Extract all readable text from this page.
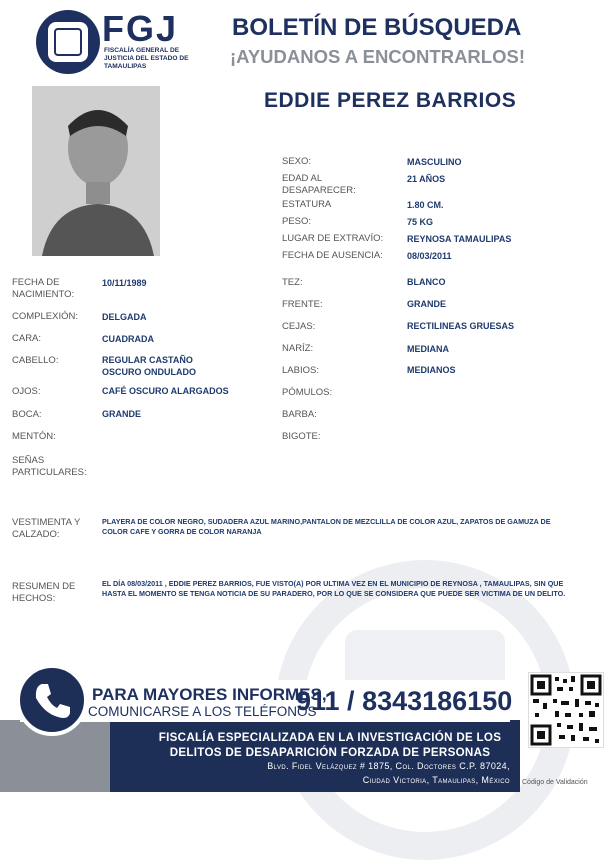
FGJ
FISCALÍA GENERAL DE JUSTICIA DEL ESTADO DE TAMAULIPAS
BOLETÍN DE BÚSQUEDA
¡AYUDANOS A ENCONTRARLOS!
EDDIE PEREZ BARRIOS
SEXO:	MASCULINO
EDAD AL DESAPARECER:
21 AÑOS
ESTATURA	1.80 CM.
PESO:	75 KG
LUGAR DE EXTRAVÍO:	REYNOSA TAMAULIPAS
FECHA DE AUSENCIA:	08/03/2011
FECHA DE NACIMIENTO:
10/11/1989
COMPLEXIÓN:	DELGADA
CARA:	CUADRADA
CABELLO:	REGULAR CASTAÑO OSCURO ONDULADO
OJOS:	CAFÉ OSCURO ALARGADOS
BOCA:	GRANDE
MENTÓN:
SEÑAS PARTICULARES:
TEZ:	BLANCO
FRENTE:	GRANDE
CEJAS:	RECTILINEAS GRUESAS
NARÍZ:	MEDIANA
LABIOS:	MEDIANOS
PÓMULOS:
BARBA:
BIGOTE:
VESTIMENTA Y CALZADO:
PLAYERA DE COLOR NEGRO, SUDADERA AZUL MARINO,PANTALON DE MEZCLILLA DE COLOR AZUL, ZAPATOS DE GAMUZA DE COLOR CAFE Y GORRA DE COLOR NARANJA
RESUMEN DE HECHOS:
EL DÍA 08/03/2011 , EDDIE PEREZ BARRIOS, FUE VISTO(A) POR ULTIMA VEZ EN EL MUNICIPIO DE REYNOSA , TAMAULIPAS, SIN QUE HASTA EL MOMENTO SE TENGA NOTICIA DE SU PARADERO, POR LO QUE SE CONSIDERA QUE PUEDE SER VICTIMA DE UN DELITO.
PARA MAYORES INFORMES,
COMUNICARSE A LOS TELÉFONOS
911 / 8343186150
FISCALÍA ESPECIALIZADA EN LA INVESTIGACIÓN DE LOS
DELITOS DE DESAPARICIÓN FORZADA DE PERSONAS
Blvd. Fidel Velázquez # 1875, Col. Doctores C.P. 87024,
Ciudad Victoria, Tamaulipas, México Código de Validación
